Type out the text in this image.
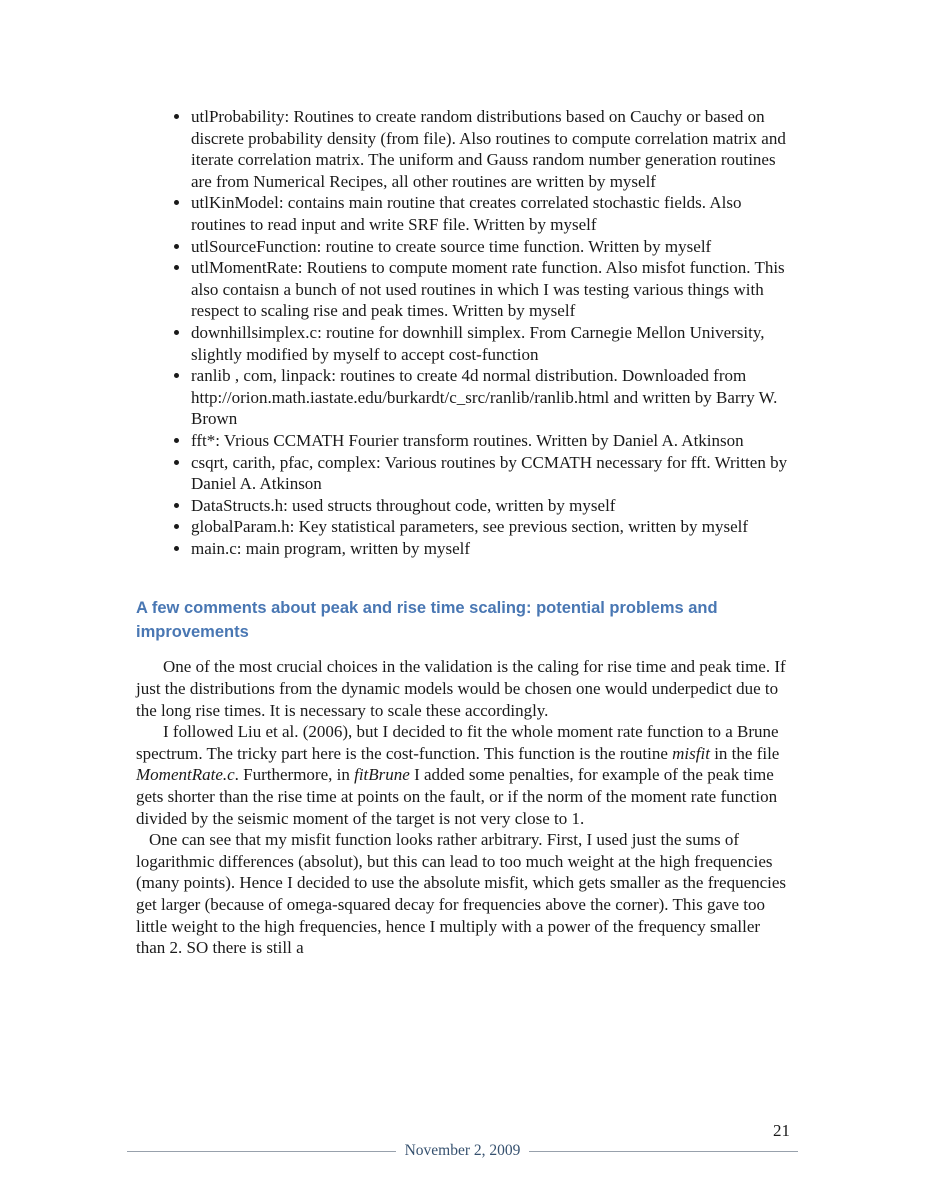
• utlProbability: Routines to create random distributions based on Cauchy or based on discrete probability density (from file). Also routines to compute correlation matrix and iterate correlation matrix. The uniform and Gauss random number generation routines are from Numerical Recipes, all other routines are written by myself
• utlKinModel: contains main routine that creates correlated stochastic fields. Also routines to read input and write SRF file. Written by myself
• utlSourceFunction: routine to create source time function. Written by myself
• utlMomentRate: Routiens to compute moment rate function. Also misfot function. This also contaisn a bunch of not used routines in which I was testing various things with respect to scaling rise and peak times. Written by myself
• downhillsimplex.c: routine for downhill simplex. From Carnegie Mellon University, slightly modified by myself to accept cost-function
• ranlib , com, linpack: routines to create 4d normal distribution. Downloaded from http://orion.math.iastate.edu/burkardt/c_src/ranlib/ranlib.html and written by Barry W. Brown
• fft*: Vrious CCMATH Fourier transform routines. Written by Daniel A. Atkinson
• csqrt, carith, pfac, complex: Various routines by CCMATH necessary for fft. Written by Daniel A. Atkinson
• DataStructs.h: used structs throughout code, written by myself
• globalParam.h: Key statistical parameters, see previous section, written by myself
• main.c: main program, written by myself
A few comments about peak and rise time scaling: potential problems and improvements

One of the most crucial choices in the validation is the caling for rise time and peak time. If just the distributions from the dynamic models would be chosen one would underpedict due to the long rise times. It is necessary to scale these accordingly.

I followed Liu et al. (2006), but I decided to fit the whole moment rate function to a Brune spectrum. The tricky part here is the cost-function. This function is the routine misfit in the file MomentRate.c. Furthermore, in fitBrune I added some penalties, for example of the peak time gets shorter than the rise time at points on the fault, or if the norm of the moment rate function divided by the seismic moment of the target is not very close to 1.

One can see that my misfit function looks rather arbitrary. First, I used just the sums of logarithmic differences (absolut), but this can lead to too much weight at the high frequencies (many points). Hence I decided to use the absolute misfit, which gets smaller as the frequencies get larger (because of omega-squared decay for frequencies above the corner). This gave too little weight to the high frequencies, hence I multiply with a power of the frequency smaller than 2. SO there is still a

21
November 2, 2009
